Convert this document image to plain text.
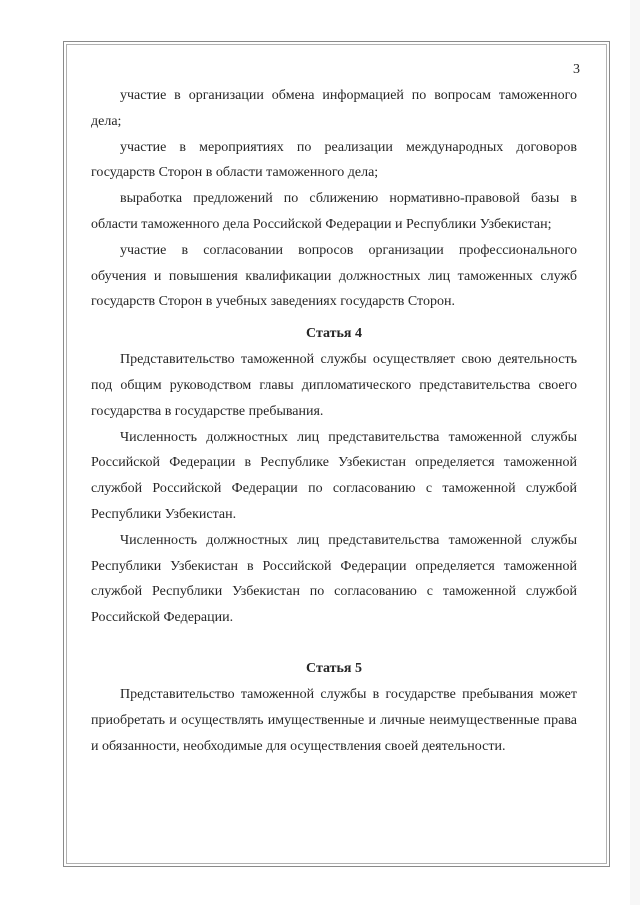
3

участие в организации обмена информацией по вопросам таможенного дела;

участие в мероприятиях по реализации международных договоров государств Сторон в области таможенного дела;

выработка предложений по сближению нормативно-правовой базы в области таможенного дела Российской Федерации и Республики Узбекистан;

участие в согласовании вопросов организации профессионального обучения и повышения квалификации должностных лиц таможенных служб государств Сторон в учебных заведениях государств Сторон.

Статья 4

Представительство таможенной службы осуществляет свою деятельность под общим руководством главы дипломатического представительства своего государства в государстве пребывания.

Численность должностных лиц представительства таможенной службы Российской Федерации в Республике Узбекистан определяется таможенной службой Российской Федерации по согласованию с таможенной службой Республики Узбекистан.

Численность должностных лиц представительства таможенной службы Республики Узбекистан в Российской Федерации определяется таможенной службой Республики Узбекистан по согласованию с таможенной службой Российской Федерации.

Статья 5

Представительство таможенной службы в государстве пребывания может приобретать и осуществлять имущественные и личные неимущественные права и обязанности, необходимые для осуществления своей деятельности.
